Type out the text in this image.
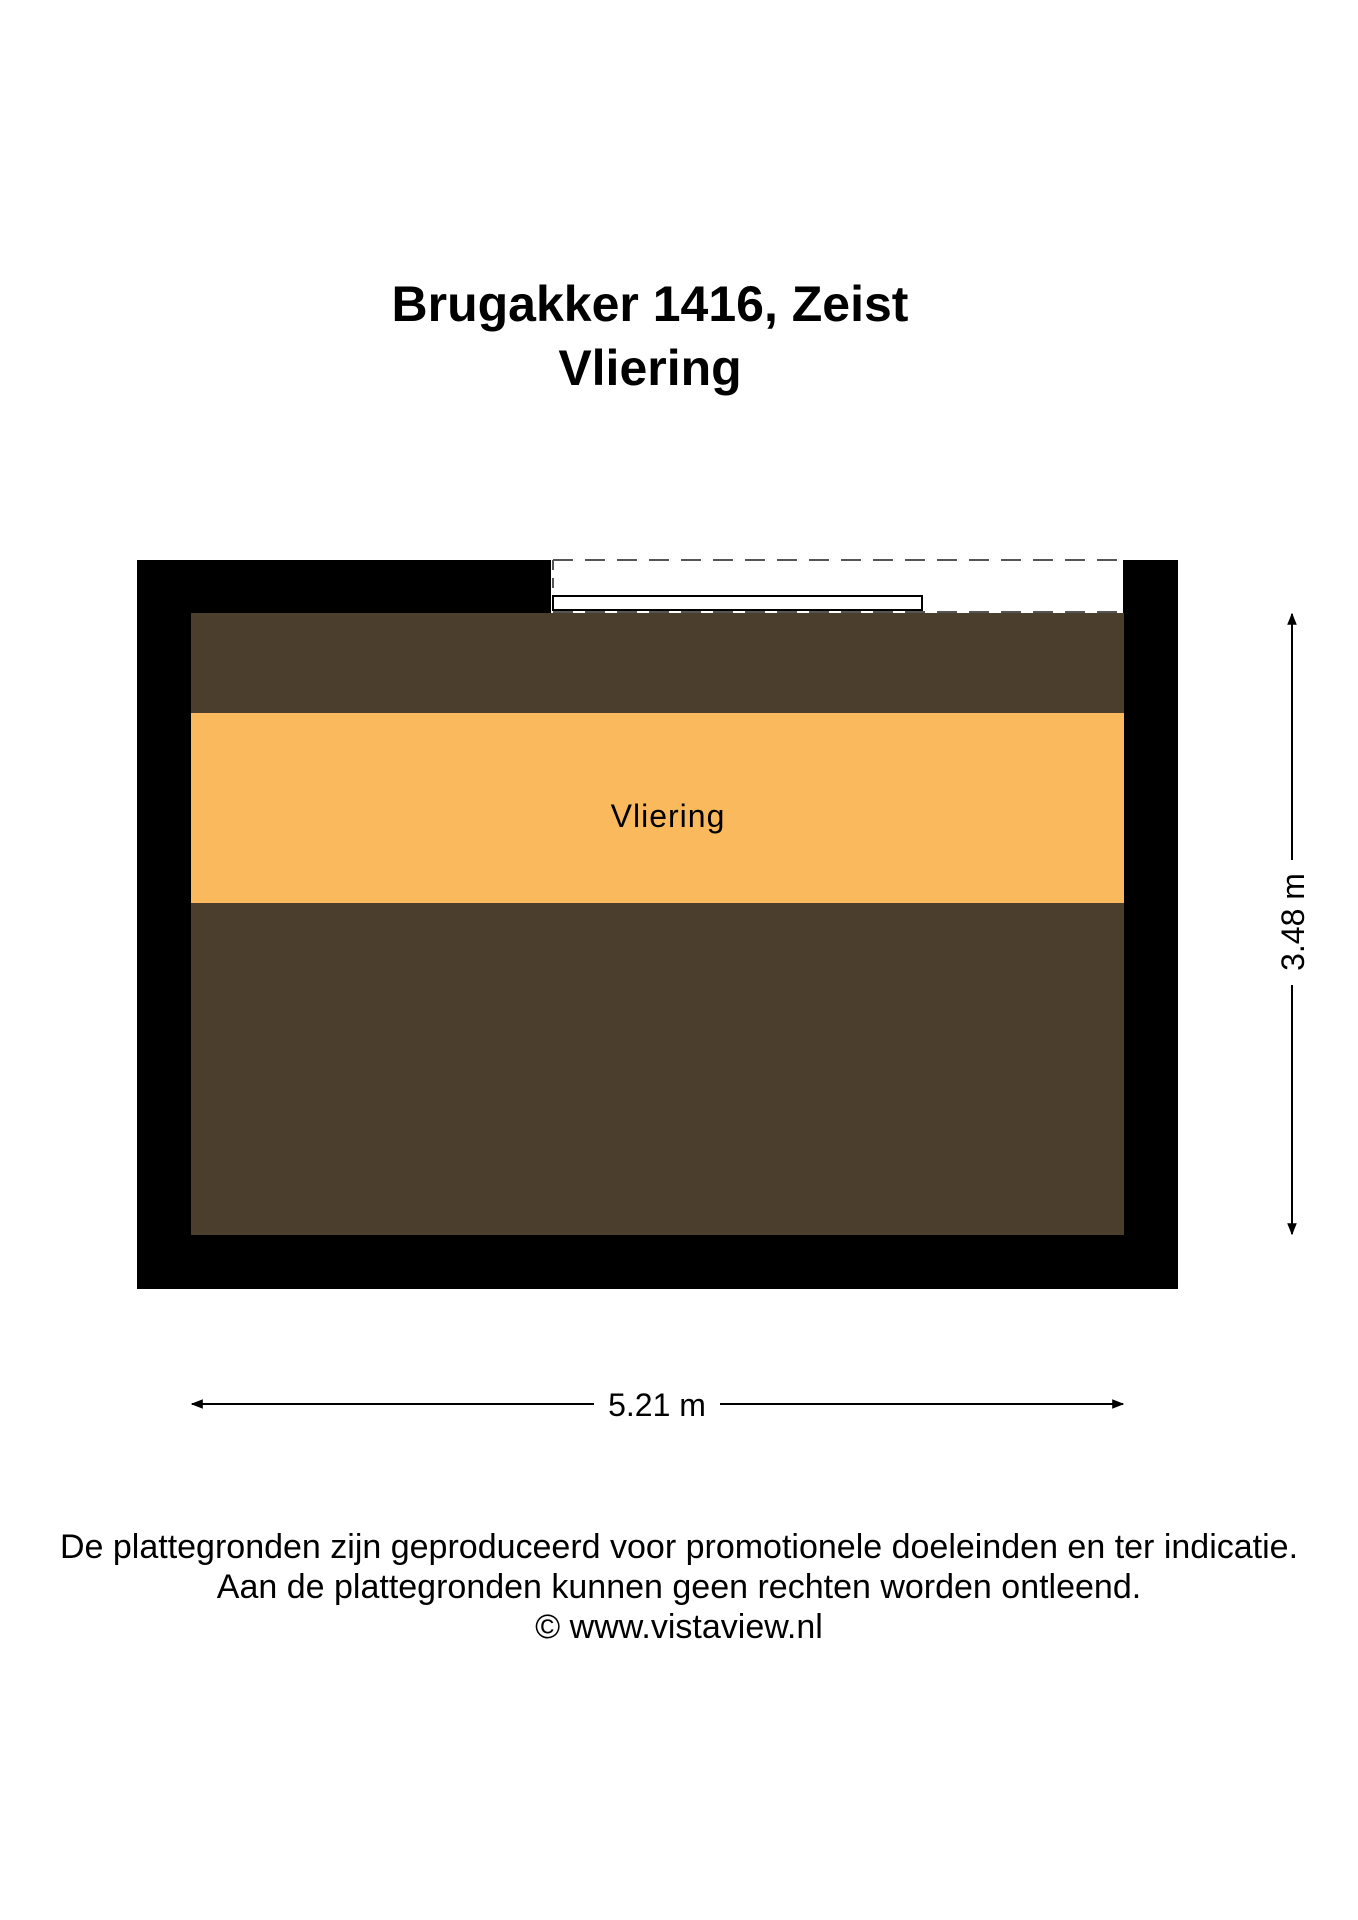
Brugakker 1416, Zeist
Vliering
Vliering
5.21 m
3.48 m
De plattegronden zijn geproduceerd voor promotionele doeleinden en ter indicatie.
Aan de plattegronden kunnen geen rechten worden ontleend.
© www.vistaview.nl
